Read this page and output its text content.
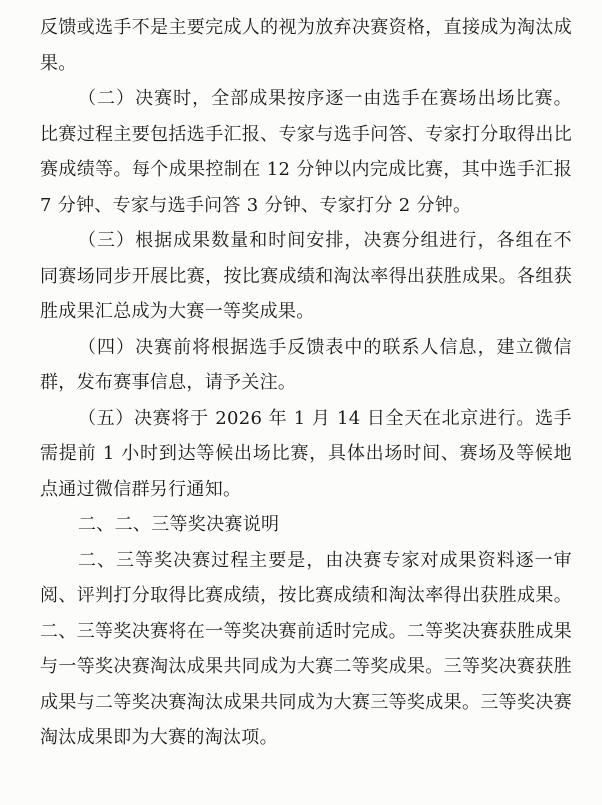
反馈或选手不是主要完成人的视为放弃决赛资格，直接成为淘汰成果。

（二）决赛时，全部成果按序逐一由选手在赛场出场比赛。比赛过程主要包括选手汇报、专家与选手问答、专家打分取得出比赛成绩等。每个成果控制在 12 分钟以内完成比赛，其中选手汇报 7 分钟、专家与选手问答 3 分钟、专家打分 2 分钟。

（三）根据成果数量和时间安排，决赛分组进行，各组在不同赛场同步开展比赛，按比赛成绩和淘汰率得出获胜成果。各组获胜成果汇总成为大赛一等奖成果。

（四）决赛前将根据选手反馈表中的联系人信息，建立微信群，发布赛事信息，请予关注。

（五）决赛将于 2026 年 1 月 14 日全天在北京进行。选手需提前 1 小时到达等候出场比赛，具体出场时间、赛场及等候地点通过微信群另行通知。

二、二、三等奖决赛说明

二、三等奖决赛过程主要是，由决赛专家对成果资料逐一审阅、评判打分取得比赛成绩，按比赛成绩和淘汰率得出获胜成果。二、三等奖决赛将在一等奖决赛前适时完成。二等奖决赛获胜成果与一等奖决赛淘汰成果共同成为大赛二等奖成果。三等奖决赛获胜成果与二等奖决赛淘汰成果共同成为大赛三等奖成果。三等奖决赛淘汰成果即为大赛的淘汰项。
